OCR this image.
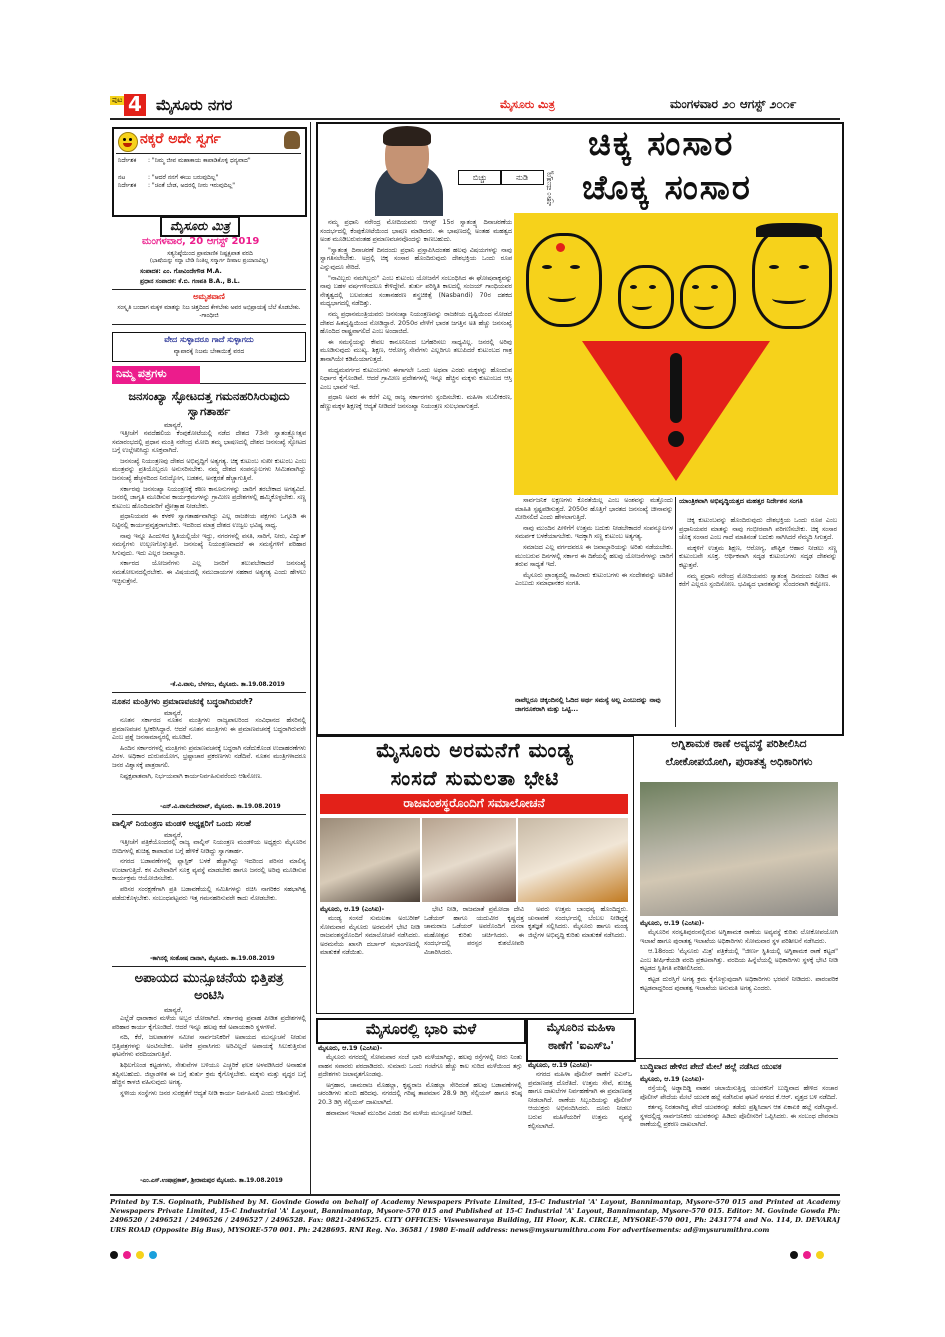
ಪುಟ 4 ಮೈಸೂರು ನಗರ	ಮೈಸೂರು ಮಿತ್ರ	ಮಂಗಳವಾರ ೨೦ ಆಗಸ್ಟ್ ೨೦೧೯
ನಕ್ಕರೆ ಅದೇ ಸ್ವರ್ಗ
ನಿರ್ದೇಶಕ : "ನಿಮ್ಮ ಜೀವ ಮಹಾಕಾಯ ಕಾಪಾಡಿಕೊಳ್ಳಿ ಧನ್ಯವಾದ"
ನಟ	: "ಆದರೆ ನನಗೆ ಈಜು ಬರುವುದಿಲ್ಲ"
ನಿರ್ದೇಶಕ : "ಚಿಂತೆ ಬೇಡ, ಅದರಲ್ಲಿ ನೀರು ಇರುವುದಿಲ್ಲ"
ಮೈಸೂರು ಮಿತ್ರ
ಮಂಗಳವಾರ, 20 ಆಗಸ್ಟ್ 2019
ಸತ್ಯನಿಷ್ಠೆಯಿಂದ ಪ್ರಾಮಾಣಿಕ ನಿಷ್ಪಕ್ಷಪಾತ ವರದಿ
(ಭಾಷೆಯನ್ನು ಸದ್ದಾ ಬೇಡಿ ನಿಂತಿಲ್ಲ ಸನ್ಮಾರ್ಗ ದೀಪಾಲ ಪ್ರಯಾಣವಿಲ್ಲ)
ಸಂಪಾದಕ: ಎಂ. ಗೋವಿಂದೇಗೌಡ M.A.
ಪ್ರಧಾನ ಸಂಪಾದಕ: ಕೆ.ಬಿ. ಗಣಪತಿ B.A., B.L.
ಅಮೃತವಾಣಿ
ಸಂಸ್ಕೃತಿ ಬಂದಾಗ ಮಕ್ಕಳ ಮಾತನ್ನು ನಿಜ ಚಿತ್ತದಿಂದ ಕೇಳಬೇಕು ಅವರ ಅಭಿಪ್ರಾಯಕ್ಕೆ ಬೆಲೆ ಕೊಡಬೇಕು. -ಗಾಂಧೀಜಿ
ವೇದ ಸುಳ್ಳಾದರೂ ಗಾದೆ ಸುಳ್ಳಾಗದು
ವ್ಯಾಪಾರಕ್ಕೆ ನಿಜಮ ಬೇಕಾಯಿತ್ತೆ ವರದ
ನಿಮ್ಮ ಪತ್ರಗಳು
ಜನಸಂಖ್ಯಾ ಸ್ಫೋಟದತ್ತ ಗಮನಹರಿಸಿರುವುದು ಸ್ವಾಗತಾರ್ಹ
ಮಾನ್ಯರೆ,

ಇತ್ತೀಚೆಗೆ ನವದೆಹಲಿಯ ಕೆಂಪುಕೋಟೆಯಲ್ಲಿ ನಡೆದ ದೇಶದ 73ನೇ ಸ್ವಾತಂತ್ರ್ಯೋತ್ಸವ ಸಮಾರಂಭದಲ್ಲಿ ಪ್ರಧಾನ ಮಂತ್ರಿ ನರೇಂದ್ರ ಮೋದಿ ತಮ್ಮ ಭಾಷಣದಲ್ಲಿ ದೇಶದ ಜನಸಂಖ್ಯೆ ಸ್ಫೋಟದ ಬಗ್ಗೆ ಉಲ್ಲೇಖಿಸಿದ್ದು ಸೂಕ್ತವಾಗಿದೆ.

ಜನಸಂಖ್ಯೆ ನಿಯಂತ್ರಣವು ದೇಶದ ಅಭಿವೃದ್ಧಿಗೆ ಅತ್ಯಗತ್ಯ. ಚಿಕ್ಕ ಕುಟುಂಬ ಸುಖೀ ಕುಟುಂಬ ಎಂಬ ಮಂತ್ರವನ್ನು ಪ್ರತಿಯೊಬ್ಬರೂ ಅನುಸರಿಸಬೇಕು. ನಮ್ಮ ದೇಶದ ಸಂಪನ್ಮೂಲಗಳು ಸೀಮಿತವಾಗಿದ್ದು ಜನಸಂಖ್ಯೆ ಹೆಚ್ಚಳದಿಂದ ನಿರುದ್ಯೋಗ, ಬಡತನ, ಅನಕ್ಷರತೆ ಹೆಚ್ಚಾಗುತ್ತಿವೆ.

ಸರ್ಕಾರವು ಜನಸಂಖ್ಯಾ ನಿಯಂತ್ರಣಕ್ಕೆ ಕಠಿಣ ಕಾನೂನುಗಳನ್ನು ಜಾರಿಗೆ ತರಬೇಕಾದ ಅಗತ್ಯವಿದೆ. ಜನರಲ್ಲಿ ಜಾಗೃತಿ ಮೂಡಿಸುವ ಕಾರ್ಯಕ್ರಮಗಳನ್ನು ಗ್ರಾಮೀಣ ಪ್ರದೇಶಗಳಲ್ಲಿ ಹಮ್ಮಿಕೊಳ್ಳಬೇಕು. ಸಣ್ಣ ಕುಟುಂಬ ಹೊಂದಿದವರಿಗೆ ಪ್ರೋತ್ಸಾಹ ನೀಡಬೇಕು.

ಪ್ರಧಾನಿಯವರ ಈ ಕಳಕಳಿ ಸ್ವಾಗತಾರ್ಹವಾಗಿದ್ದು ಎಲ್ಲ ರಾಜಕೀಯ ಪಕ್ಷಗಳು ಒಗ್ಗೂಡಿ ಈ ನಿಟ್ಟಿನಲ್ಲಿ ಕಾರ್ಯಪ್ರವೃತ್ತರಾಗಬೇಕು. ಇದರಿಂದ ಮಾತ್ರ ದೇಶದ ಉಜ್ವಲ ಭವಿಷ್ಯ ಸಾಧ್ಯ.

ನಾವು ಇನ್ನೂ ಹಿಂದುಳಿದ ಸ್ಥಿತಿಯಲ್ಲಿಯೇ ಇದ್ದು, ನಗರಗಳಲ್ಲಿ ವಸತಿ, ಸಾರಿಗೆ, ನೀರು, ವಿದ್ಯುತ್ ಸಮಸ್ಯೆಗಳು ಉಲ್ಬಣಗೊಳ್ಳುತ್ತಿವೆ. ಜನಸಂಖ್ಯೆ ನಿಯಂತ್ರಣವಾದರೆ ಈ ಸಮಸ್ಯೆಗಳಿಗೆ ಪರಿಹಾರ ಸಿಗುವುದು. ಇದು ಎಲ್ಲರ ಜವಾಬ್ದಾರಿ.

ಸರ್ಕಾರದ ಯೋಜನೆಗಳು ಎಲ್ಲ ಜನರಿಗೆ ತಲುಪಬೇಕಾದರೆ ಜನಸಂಖ್ಯೆ ಸಮತೋಲನದಲ್ಲಿರಬೇಕು. ಈ ವಿಷಯದಲ್ಲಿ ಸಮುದಾಯಗಳ ಸಹಕಾರ ಅತ್ಯಗತ್ಯ ಎಂದು ಹೇಳಲು ಇಚ್ಛಿಸುತ್ತೇನೆ.

-ಕೆ.ವಿ.ವಾಸು, ಬೆಳಗಲು, ಮೈಸೂರು. ತಾ.19.08.2019
ನೂತನ ಮಂತ್ರಿಗಳು ಪ್ರಮಾಣವಚನಕ್ಕೆ ಬದ್ಧರಾಗಿರುವರೇ?
ಮಾನ್ಯರೆ,

ನೂತನ ಸರ್ಕಾರದ ನೂತನ ಮಂತ್ರಿಗಳು ರಾಜ್ಯಪಾಲರಿಂದ ಸಂವಿಧಾನದ ಹೆಸರಿನಲ್ಲಿ ಪ್ರಮಾಣವಚನ ಸ್ವೀಕರಿಸಿದ್ದಾರೆ. ಆದರೆ ನೂತನ ಮಂತ್ರಿಗಳು ಈ ಪ್ರಮಾಣವಚನಕ್ಕೆ ಬದ್ಧರಾಗಿರುವರೇ ಎಂಬ ಪ್ರಶ್ನೆ ಜನಸಾಮಾನ್ಯರಲ್ಲಿ ಮೂಡಿದೆ.

ಹಿಂದಿನ ಸರ್ಕಾರಗಳಲ್ಲಿ ಮಂತ್ರಿಗಳು ಪ್ರಮಾಣವಚನಕ್ಕೆ ಬದ್ಧರಾಗಿ ನಡೆದುಕೊಂಡ ಉದಾಹರಣೆಗಳು ವಿರಳ. ಅಧಿಕಾರ ದುರುಪಯೋಗ, ಭ್ರಷ್ಟಾಚಾರ ಪ್ರಕರಣಗಳು ನಡೆದಿವೆ. ನೂತನ ಮಂತ್ರಿಗಳಾದರೂ ಜನರ ವಿಶ್ವಾಸಕ್ಕೆ ಪಾತ್ರರಾಗಲಿ.

ನಿಷ್ಪಕ್ಷಪಾತವಾಗಿ, ನಿರ್ಭಯವಾಗಿ ಕಾರ್ಯನಿರ್ವಹಿಸುವರೆಂದು ಆಶಿಸೋಣ.

-ಎನ್.ವಿ.ವಾಸುದೇವರಾವ್, ಮೈಸೂರು. ತಾ.19.08.2019
ವಾಲ್ನಿಸ್ ನಿಯಂತ್ರಣ ಮಂಡಳಿ ಅಧ್ಯಕ್ಷರಿಗೆ ಒಂದು ಸಲಹೆ
ಮಾನ್ಯರೆ,

ಇತ್ತೀಚೆಗೆ ಪತ್ರಿಕೆಯೊಂದರಲ್ಲಿ ರಾಜ್ಯ ವಾಲ್ನಿಸ್ ನಿಯಂತ್ರಣ ಮಂಡಳಿಯ ಅಧ್ಯಕ್ಷರು ಮೈಸೂರಿನ ಬೀದಿಗಳಲ್ಲಿ ಶುಚಿತ್ವ ಕಾಪಾಡುವ ಬಗ್ಗೆ ಹೇಳಿಕೆ ನೀಡಿದ್ದು ಸ್ವಾಗತಾರ್ಹ.

ನಗರದ ಬಡಾವಣೆಗಳಲ್ಲಿ ಪ್ಲಾಸ್ಟಿಕ್ ಬಳಕೆ ಹೆಚ್ಚಾಗಿದ್ದು ಇದರಿಂದ ಪರಿಸರ ಮಾಲಿನ್ಯ ಉಂಟಾಗುತ್ತಿದೆ. ಕಸ ವಿಲೇವಾರಿಗೆ ಸೂಕ್ತ ವ್ಯವಸ್ಥೆ ಮಾಡಬೇಕು ಹಾಗೂ ಜನರಲ್ಲಿ ಅರಿವು ಮೂಡಿಸುವ ಕಾರ್ಯಕ್ರಮ ಆಯೋಜಿಸಬೇಕು.

ಪರಿಸರ ಸಂರಕ್ಷಣೆಗಾಗಿ ಪ್ರತಿ ಬಡಾವಣೆಯಲ್ಲಿ ಸಮಿತಿಗಳನ್ನು ರಚಿಸಿ ನಾಗರಿಕರ ಸಹಭಾಗಿತ್ವ ಪಡೆದುಕೊಳ್ಳಬೇಕು. ಸಂಬಂಧಪಟ್ಟವರು ಇತ್ತ ಗಮನಹರಿಸುವರೇ ಕಾದು ನೋಡಬೇಕು.

-ಕಾಗಿನಲ್ಲಿ ಸಂತೋಷ ದಾನಾಗಿ, ಮೈಸೂರು. ತಾ.19.08.2019
ಅಪಾಯದ ಮುನ್ಸೂಚನೆಯ ಭಿತ್ತಿಪತ್ರ ಅಂಟಿಸಿ
ಮಾನ್ಯರೆ,

ಎಲ್ಲೆಡೆ ಧಾರಾಕಾರ ಮಳೆಯ ಅಬ್ಬರ ಜೋರಾಗಿದೆ. ಸರ್ಕಾರವು ಪ್ರವಾಹ ಪೀಡಿತ ಪ್ರದೇಶಗಳಲ್ಲಿ ಪರಿಹಾರ ಕಾರ್ಯ ಕೈಗೊಂಡಿದೆ. ಆದರೆ ಇನ್ನೂ ಹಲವು ಕಡೆ ಅಪಾಯಕಾರಿ ಸ್ಥಳಗಳಿವೆ.

ನದಿ, ಕೆರೆ, ಜಲಪಾತಗಳ ಸಮೀಪ ಸಾರ್ವಜನಿಕರಿಗೆ ಅಪಾಯದ ಮುನ್ಸೂಚನೆ ನೀಡುವ ಭಿತ್ತಿಪತ್ರಗಳನ್ನು ಅಂಟಿಸಬೇಕು. ಅನೇಕ ಪ್ರವಾಸಿಗರು ಅರಿವಿಲ್ಲದೆ ಅಪಾಯಕ್ಕೆ ಸಿಲುಕುತ್ತಿರುವ ಘಟನೆಗಳು ವರದಿಯಾಗುತ್ತಿವೆ.

ಶಿಥಿಲಗೊಂಡ ಕಟ್ಟಡಗಳು, ಸೇತುವೆಗಳ ಬಳಿಯೂ ಎಚ್ಚರಿಕೆ ಫಲಕ ಅಳವಡಿಸಿದರೆ ಅನಾಹುತ ತಪ್ಪಿಸಬಹುದು. ಜಿಲ್ಲಾಡಳಿತ ಈ ಬಗ್ಗೆ ತುರ್ತು ಕ್ರಮ ಕೈಗೊಳ್ಳಬೇಕು. ಮಕ್ಕಳು ಮತ್ತು ವೃದ್ಧರ ಬಗ್ಗೆ ಹೆಚ್ಚಿನ ಕಾಳಜಿ ವಹಿಸುವುದು ಅಗತ್ಯ.

ಸ್ಥಳೀಯ ಸಂಸ್ಥೆಗಳು ಜನರ ಸುರಕ್ಷತೆಗೆ ಆದ್ಯತೆ ನೀಡಿ ಕಾರ್ಯ ನಿರ್ವಹಿಸಲಿ ಎಂದು ಆಶಿಸುತ್ತೇನೆ.

-ಎಂ.ಎಸ್.ಉಷಾಪ್ರಕಾಶ್, ಶ್ರೀರಾಮಪುರ ಮೈಸೂರು. ತಾ.19.08.2019
ಬಿಚ್ಚು	ನುಡಿ	ವಿಕ್ರಾಂ ಮುತ್ತಣ್ಣ
ಚಿಕ್ಕ ಸಂಸಾರ
ಚೊಕ್ಕ ಸಂಸಾರ

ನಮ್ಮ ಪ್ರಧಾನಿ ನರೇಂದ್ರ ಮೋದಿಯವರು ಆಗಸ್ಟ್ 15ರ ಸ್ವಾತಂತ್ರ್ಯ ದಿನಾಚರಣೆಯ ಸಂದರ್ಭದಲ್ಲಿ ಕೆಂಪುಕೋಟೆಯಿಂದ ಭಾಷಣ ಮಾಡಿದರು. ಈ ಭಾಷಣದಲ್ಲಿ ಅಂತಹ ಮಹತ್ವದ ಅಂಶ ಮೂಡಿಬರುವಂತಹ ಪ್ರಮಾಣವಚನವೊಂದನ್ನು ಕಾಣಬಹುದು.

"ಸ್ವಾತಂತ್ರ್ಯ ದಿನಾಚರಣೆ ದಿನದಂದು ಪ್ರಧಾನಿ ಪ್ರಸ್ತಾಪಿಸಿದಂತಹ ಹಲವು ವಿಷಯಗಳನ್ನು ನಾವು ಸ್ವಾಗತಿಸಲೇಬೇಕು. ಅದ್ರಲ್ಲಿ ಚಿಕ್ಕ ಸಂಸಾರ ಹೊಂದಿರುವುದು ದೇಶಭಕ್ತಿಯ ಒಂದು ರೂಪ ಎನ್ನುವುದೂ ಸೇರಿದೆ.

"ನಾವಿಬ್ಬರು ನಮಗಿಬ್ಬರು" ಎಂಬ ಕುಟುಂಬ ಯೋಜನೆಗೆ ಸಂಬಂಧಿಸಿದ ಈ ಘೋಷವಾಕ್ಯವನ್ನು ನಾವು ಬಹಳ ವರ್ಷಗಳಿಂದಲೂ ಕೇಳಿದ್ದೇವೆ. ತುರ್ತು ಪರಿಸ್ಥಿತಿ ಕಾಲದಲ್ಲಿ ಸಂಜಯ್ ಗಾಂಧಿಯವರ ನೇತೃತ್ವದಲ್ಲಿ ಬಲವಂತದ ಸಂತಾನಹರಣ ಶಸ್ತ್ರಚಿಕಿತ್ಸೆ (Nasbandi) 70ರ ದಶಕದ ಮಧ್ಯಭಾಗದಲ್ಲಿ ನಡೆದಿತ್ತು.

ನಮ್ಮ ಪ್ರಧಾನಮಂತ್ರಿಯವರು ಜನಸಂಖ್ಯಾ ನಿಯಂತ್ರಣವನ್ನು ರಾಜಕೀಯ ದೃಷ್ಟಿಯಿಂದ ನೋಡದೆ ದೇಶದ ಹಿತದೃಷ್ಟಿಯಿಂದ ನೋಡಿದ್ದಾರೆ. 2050ರ ವೇಳೆಗೆ ಭಾರತ ಜಗತ್ತಿನ ಅತಿ ಹೆಚ್ಚು ಜನಸಂಖ್ಯೆ ಹೊಂದಿದ ರಾಷ್ಟ್ರವಾಗಲಿದೆ ಎಂಬ ಅಂದಾಜಿದೆ.

ಈ ಸಮಸ್ಯೆಯನ್ನು ಕೇವಲ ಕಾನೂನಿನಿಂದ ಬಗೆಹರಿಸಲು ಸಾಧ್ಯವಿಲ್ಲ. ಜನರಲ್ಲಿ ಅರಿವು ಮೂಡಿಸುವುದು ಮುಖ್ಯ. ಶಿಕ್ಷಣ, ಆರೋಗ್ಯ ಸೇವೆಗಳು ಎಲ್ಲರಿಗೂ ತಲುಪಿದರೆ ಕುಟುಂಬದ ಗಾತ್ರ ತಾನಾಗಿಯೇ ಕಡಿಮೆಯಾಗುತ್ತದೆ.

ಮಧ್ಯಮವರ್ಗದ ಕುಟುಂಬಗಳು ಈಗಾಗಲೇ ಒಂದು ಅಥವಾ ಎರಡು ಮಕ್ಕಳನ್ನು ಹೊಂದುವ ನಿರ್ಧಾರ ಕೈಗೊಂಡಿವೆ. ಆದರೆ ಗ್ರಾಮೀಣ ಪ್ರದೇಶಗಳಲ್ಲಿ ಇನ್ನೂ ಹೆಚ್ಚಿನ ಮಕ್ಕಳು ಕುಟುಂಬದ ಆಸ್ತಿ ಎಂಬ ಭಾವನೆ ಇದೆ.

ಪ್ರಧಾನಿ ಅವರ ಈ ಕರೆಗೆ ಎಲ್ಲ ರಾಜ್ಯ ಸರ್ಕಾರಗಳು ಸ್ಪಂದಿಸಬೇಕು. ಮಹಿಳಾ ಸಬಲೀಕರಣ, ಹೆಣ್ಣುಮಕ್ಕಳ ಶಿಕ್ಷಣಕ್ಕೆ ಆದ್ಯತೆ ನೀಡಿದರೆ ಜನಸಂಖ್ಯಾ ನಿಯಂತ್ರಣ ಸುಲಭವಾಗುತ್ತದೆ.

ಸಾರ್ವಜನಿಕ ಲಕ್ಷಣಗಳು ಕೊರತೆಯಿಲ್ಲ ಎಂಬ ಅಂಶವನ್ನು ಮತ್ತೊಂದು ಮಾಹಿತಿ ಸ್ಪಷ್ಟಪಡಿಸುತ್ತದೆ. 2050ರ ಹೊತ್ತಿಗೆ ಭಾರತದ ಜನಸಂಖ್ಯೆ ಚೀನಾವನ್ನು ಮೀರಿಸಲಿದೆ ಎಂದು ಹೇಳಲಾಗುತ್ತಿದೆ.

ನಾವು ಮುಂದಿನ ಪೀಳಿಗೆಗೆ ಉತ್ತಮ ಬದುಕು ನೀಡಬೇಕಾದರೆ ಸಂಪನ್ಮೂಲಗಳ ಸಮರ್ಪಕ ಬಳಕೆಯಾಗಬೇಕು. ಇದಕ್ಕಾಗಿ ಸಣ್ಣ ಕುಟುಂಬ ಅತ್ಯಗತ್ಯ.

ಸಮಾಜದ ಎಲ್ಲ ವರ್ಗದವರೂ ಈ ಜವಾಬ್ದಾರಿಯನ್ನು ಅರಿತು ನಡೆಯಬೇಕು. ಮುಂಬರುವ ದಿನಗಳಲ್ಲಿ ಸರ್ಕಾರ ಈ ದಿಶೆಯಲ್ಲಿ ಹಲವು ಯೋಜನೆಗಳನ್ನು ಜಾರಿಗೆ ತರುವ ಸಾಧ್ಯತೆ ಇದೆ.

ಮೈಸೂರು ಪ್ರಾಂತ್ಯದಲ್ಲಿ ಸಾವಿರಾರು ಕುಟುಂಬಗಳು ಈ ಸಂದೇಶವನ್ನು ಅರಿತಿವೆ ಎಂಬುದು ಸಮಾಧಾನಕರ ಸಂಗತಿ.

ನಾವೆಲ್ಲರೂ ಚಿಕ್ಕಂದಿನಲ್ಲಿ ಓದಿದ ಅರ್ಥ ಸಮಸ್ಯೆ ಅಲ್ಲ ಎಂಬುದನ್ನು ನಾವು ಜಾಗರೂಕರಾಗಿ ಮತ್ತು ಒಟ್ಟಿ...
ಯಾಂತ್ರಿಕವಾಗಿ ಅಭಿವೃದ್ಧಿಯತ್ತದ ಮಹತ್ತರ ನಿರ್ದೇಶನ ಸಂಗತಿ

ಚಿಕ್ಕ ಕುಟುಂಬವನ್ನು ಹೊಂದಿರುವುದು ದೇಶಭಕ್ತಿಯ ಒಂದು ರೂಪ ಎಂಬ ಪ್ರಧಾನಿಯವರ ಮಾತನ್ನು ನಾವು ಗಂಭೀರವಾಗಿ ಪರಿಗಣಿಸಬೇಕು. ಚಿಕ್ಕ ಸಂಸಾರ ಚೊಕ್ಕ ಸಂಸಾರ ಎಂಬ ಗಾದೆ ಮಾತಿನಂತೆ ಬದುಕು ಸಾಗಿಸಿದರೆ ನೆಮ್ಮದಿ ಸಿಗುತ್ತದೆ.

ಮಕ್ಕಳಿಗೆ ಉತ್ತಮ ಶಿಕ್ಷಣ, ಆರೋಗ್ಯ, ಪೌಷ್ಟಿಕ ಆಹಾರ ನೀಡಲು ಸಣ್ಣ ಕುಟುಂಬವೇ ಸೂಕ್ತ. ಆರ್ಥಿಕವಾಗಿ ಸದೃಢ ಕುಟುಂಬಗಳು ಸದೃಢ ದೇಶವನ್ನು ಕಟ್ಟುತ್ತವೆ.

ನಮ್ಮ ಪ್ರಧಾನಿ ನರೇಂದ್ರ ಮೋದಿಯವರು ಸ್ವಾತಂತ್ರ್ಯ ದಿನದಂದು ನೀಡಿದ ಈ ಕರೆಗೆ ಎಲ್ಲರೂ ಸ್ಪಂದಿಸೋಣ. ಭವಿಷ್ಯದ ಭಾರತವನ್ನು ಸುಂದರವಾಗಿ ಕಟ್ಟೋಣ.

ಮೈಸೂರು ಅರಮನೆಗೆ ಮಂಡ್ಯ
ಸಂಸದೆ ಸುಮಲತಾ ಭೇಟಿ
ರಾಜವಂಶಸ್ಥರೊಂದಿಗೆ ಸಮಾಲೋಚನೆ
ಮೈಸೂರು, ಆ.19 (ಎಂಸಿಐ)-

ಮಂಡ್ಯ ಸಂಸದೆ ಸುಮಲತಾ ಅಂಬರೀಶ್ ಸೋಮವಾರ ಮೈಸೂರು ಅರಮನೆಗೆ ಭೇಟಿ ನೀಡಿ ರಾಜವಂಶಸ್ಥರೊಂದಿಗೆ ಸಮಾಲೋಚನೆ ನಡೆಸಿದರು. ಅರಮನೆಯ ಖಾಸಗಿ ದರ್ಬಾರ್ ಸಭಾಂಗಣದಲ್ಲಿ ಮಾತುಕತೆ ನಡೆಯಿತು.

ಭೇಟಿ ನೀಡಿ, ರಾಜಮಾತೆ ಪ್ರಮೋದಾ ದೇವಿ ಒಡೆಯರ್ ಹಾಗೂ ಯದುವೀರ ಕೃಷ್ಣದತ್ತ ಚಾಮರಾಜ ಒಡೆಯರ್ ಅವರೊಂದಿಗೆ ದಸರಾ ಮಹೋತ್ಸವ ಕುರಿತು ಚರ್ಚಿಸಿದರು. ಈ ಸಂದರ್ಭದಲ್ಲಿ ಪರಸ್ಪರ ಕುಶಲೋಪರಿ ವಿಚಾರಿಸಿದರು.

ಅವರು ಉತ್ತಮ ಬಾಂಧವ್ಯ ಹೊಂದಿದ್ದರು. ಚುನಾವಣೆ ಸಂದರ್ಭದಲ್ಲಿ ಬೆಂಬಲ ನೀಡಿದ್ದಕ್ಕೆ ಕೃತಜ್ಞತೆ ಸಲ್ಲಿಸಿದರು. ಮೈಸೂರು ಹಾಗೂ ಮಂಡ್ಯ ಜಿಲ್ಲೆಗಳ ಅಭಿವೃದ್ಧಿ ಕುರಿತು ಮಾತುಕತೆ ನಡೆಸಿದರು.

ಅಗ್ನಿಶಾಮಕ ಠಾಣೆ ಅವ್ಯವಸ್ಥೆ ಪರಿಶೀಲಿಸಿದ
ಲೋಕೋಪಯೋಗಿ, ಪುರಾತತ್ವ ಅಧಿಕಾರಿಗಳು
ಮೈಸೂರು, ಆ.19 (ಎಂಸಿಐ)-

ಮೈಸೂರಿನ ಸರಸ್ವತಿಪುರಂನಲ್ಲಿರುವ ಅಗ್ನಿಶಾಮಕ ಠಾಣೆಯ ಅವ್ಯವಸ್ಥೆ ಕುರಿತು ಲೋಕೋಪಯೋಗಿ ಇಲಾಖೆ ಹಾಗೂ ಪುರಾತತ್ವ ಇಲಾಖೆಯ ಅಧಿಕಾರಿಗಳು ಸೋಮವಾರ ಸ್ಥಳ ಪರಿಶೀಲನೆ ನಡೆಸಿದರು.

ಆ.18ರಂದು 'ಮೈಸೂರು ಮಿತ್ರ' ಪತ್ರಿಕೆಯಲ್ಲಿ "ಜೀರ್ಣ ಸ್ಥಿತಿಯಲ್ಲಿ ಅಗ್ನಿಶಾಮಕ ಠಾಣೆ ಕಟ್ಟಡ" ಎಂಬ ಶೀರ್ಷಿಕೆಯಡಿ ವರದಿ ಪ್ರಕಟವಾಗಿತ್ತು. ವರದಿಯ ಹಿನ್ನೆಲೆಯಲ್ಲಿ ಅಧಿಕಾರಿಗಳು ಸ್ಥಳಕ್ಕೆ ಭೇಟಿ ನೀಡಿ ಕಟ್ಟಡದ ಸ್ಥಿತಿಗತಿ ಪರಿಶೀಲಿಸಿದರು.

ಕಟ್ಟಡ ದುರಸ್ತಿಗೆ ಅಗತ್ಯ ಕ್ರಮ ಕೈಗೊಳ್ಳುವುದಾಗಿ ಅಧಿಕಾರಿಗಳು ಭರವಸೆ ನೀಡಿದರು. ಪಾರಂಪರಿಕ ಕಟ್ಟಡವಾದ್ದರಿಂದ ಪುರಾತತ್ವ ಇಲಾಖೆಯ ಅನುಮತಿ ಅಗತ್ಯ ಎಂದರು.

ಮೈಸೂರಲ್ಲಿ ಭಾರಿ ಮಳೆ
ಮೈಸೂರು, ಆ.19 (ಎಂಸಿಐ)-

ಮೈಸೂರು ನಗರದಲ್ಲಿ ಸೋಮವಾರ ಸಂಜೆ ಭಾರಿ ಮಳೆಯಾಗಿದ್ದು, ಹಲವು ರಸ್ತೆಗಳಲ್ಲಿ ನೀರು ನಿಂತು ವಾಹನ ಸವಾರರು ಪರದಾಡಿದರು. ಸುಮಾರು ಒಂದು ಗಂಟೆಗೂ ಹೆಚ್ಚು ಕಾಲ ಸುರಿದ ಮಳೆಯಿಂದ ತಗ್ಗು ಪ್ರದೇಶಗಳು ಜಲಾವೃತಗೊಂಡವು.

ಅಗ್ರಹಾರ, ಚಾಮರಾಜ ಮೊಹಲ್ಲಾ, ಕೃಷ್ಣರಾಜ ಮೊಹಲ್ಲಾ ಸೇರಿದಂತೆ ಹಲವು ಬಡಾವಣೆಗಳಲ್ಲಿ ಚರಂಡಿಗಳು ತುಂಬಿ ಹರಿದವು. ನಗರದಲ್ಲಿ ಗರಿಷ್ಠ ತಾಪಮಾನ 28.9 ಡಿಗ್ರಿ ಸೆಲ್ಸಿಯಸ್ ಹಾಗೂ ಕನಿಷ್ಠ 20.3 ಡಿಗ್ರಿ ಸೆಲ್ಸಿಯಸ್ ದಾಖಲಾಗಿದೆ.

ಹವಾಮಾನ ಇಲಾಖೆ ಮುಂದಿನ ಎರಡು ದಿನ ಮಳೆಯ ಮುನ್ಸೂಚನೆ ನೀಡಿದೆ.

ಮೈಸೂರಿನ ಮಹಿಳಾ
ಠಾಣೆಗೆ 'ಐಎಸ್ಒ'
ಮೈಸೂರು, ಆ.19 (ಎಂಸಿಐ)-

ನಗರದ ಮಹಿಳಾ ಪೊಲೀಸ್ ಠಾಣೆಗೆ ಐಎಸ್ಒ ಪ್ರಮಾಣಪತ್ರ ದೊರೆತಿದೆ. ಉತ್ತಮ ಸೇವೆ, ಶುಚಿತ್ವ ಹಾಗೂ ದಾಖಲೆಗಳ ನಿರ್ವಹಣೆಗಾಗಿ ಈ ಪ್ರಮಾಣಪತ್ರ ನೀಡಲಾಗಿದೆ. ಠಾಣೆಯ ಸಿಬ್ಬಂದಿಯನ್ನು ಪೊಲೀಸ್ ಆಯುಕ್ತರು ಅಭಿನಂದಿಸಿದರು. ದೂರು ನೀಡಲು ಬರುವ ಮಹಿಳೆಯರಿಗೆ ಉತ್ತಮ ವ್ಯವಸ್ಥೆ ಕಲ್ಪಿಸಲಾಗಿದೆ.

ಬುದ್ಧಿವಾದ ಹೇಳಿದ ಪೇದೆ ಮೇಲೆ ಹಲ್ಲೆ ನಡೆಸಿದ ಯುವಕ
ಮೈಸೂರು, ಆ.19 (ಎಂಸಿಐ)-

ರಸ್ತೆಯಲ್ಲಿ ಅಡ್ಡಾದಿಡ್ಡಿ ವಾಹನ ಚಲಾಯಿಸುತ್ತಿದ್ದ ಯುವಕನಿಗೆ ಬುದ್ಧಿವಾದ ಹೇಳಿದ ಸಂಚಾರ ಪೊಲೀಸ್ ಪೇದೆಯ ಮೇಲೆ ಯುವಕ ಹಲ್ಲೆ ನಡೆಸಿರುವ ಘಟನೆ ನಗರದ ಕೆ.ಆರ್. ವೃತ್ತದ ಬಳಿ ನಡೆದಿದೆ.

ಕರ್ತವ್ಯ ನಿರತರಾಗಿದ್ದ ಪೇದೆ ಯುವಕನನ್ನು ತಡೆದು ಪ್ರಶ್ನಿಸಿದಾಗ ಆತ ಏಕಾಏಕಿ ಹಲ್ಲೆ ನಡೆಸಿದ್ದಾನೆ. ಸ್ಥಳದಲ್ಲಿದ್ದ ಸಾರ್ವಜನಿಕರು ಯುವಕನನ್ನು ಹಿಡಿದು ಪೊಲೀಸರಿಗೆ ಒಪ್ಪಿಸಿದರು. ಈ ಸಂಬಂಧ ದೇವರಾಜ ಠಾಣೆಯಲ್ಲಿ ಪ್ರಕರಣ ದಾಖಲಾಗಿದೆ.

Printed by T.S. Gopinath, Published by M. Govinde Gowda on behalf of Academy Newspapers Private Limited, 15-C Industrial 'A' Layout, Bannimantap, Mysore-570 015 and Printed at Academy Newspapers Private Limited, 15-C Industrial 'A' Layout, Bannimantap, Mysore-570 015 and Published at 15-C Industrial 'A' Layout, Bannimantap, Mysore-570 015. Editor: M. Govinde Gowda Ph: 2496520 / 2496521 / 2496526 / 2496527 / 2496528. Fax: 0821-2496525. CITY OFFICES: Visweswaraya Building, III Floor, K.R. CIRCLE, MYSORE-570 001, Ph: 2431774 and No. 114, D. DEVARAJ URS ROAD (Opposite Big Bus), MYSORE-570 001. Ph: 2428695. RNI Reg. No. 36581 / 1980 E-mail address: news@mysurumithra.com For advertisements: ad@mysurumithra.com
